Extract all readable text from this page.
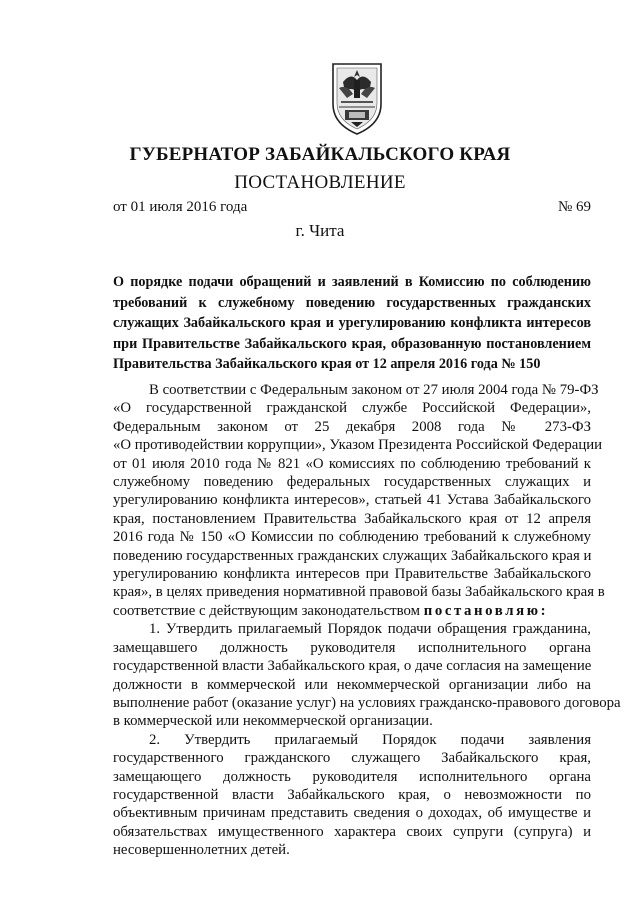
ГУБЕРНАТОР ЗАБАЙКАЛЬСКОГО КРАЯ
ПОСТАНОВЛЕНИЕ
от 01 июля 2016 года	№ 69
г. Чита
О порядке подачи обращений и заявлений в Комиссию по соблюдению
требований к служебному поведению государственных гражданских
служащих Забайкальского края и урегулированию конфликта интересов
при Правительстве Забайкальского края, образованную постановлением
Правительства Забайкальского края от 12 апреля 2016 года № 150

В соответствии с Федеральным законом от 27 июля 2004 года № 79-ФЗ
«О государственной гражданской службе Российской Федерации»,
Федеральным законом от 25 декабря 2008 года № 273-ФЗ
«О противодействии коррупции», Указом Президента Российской Федерации
от 01 июля 2010 года № 821 «О комиссиях по соблюдению требований к
служебному поведению федеральных государственных служащих и
урегулированию конфликта интересов», статьей 41 Устава Забайкальского
края, постановлением Правительства Забайкальского края от 12 апреля
2016 года № 150 «О Комиссии по соблюдению требований к служебному
поведению государственных гражданских служащих Забайкальского края и
урегулированию конфликта интересов при Правительстве Забайкальского
края», в целях приведения нормативной правовой базы Забайкальского края в
соответствие с действующим законодательством постановляю:

1. Утвердить прилагаемый Порядок подачи обращения гражданина,
замещавшего должность руководителя исполнительного органа
государственной власти Забайкальского края, о даче согласия на замещение
должности в коммерческой или некоммерческой организации либо на
выполнение работ (оказание услуг) на условиях гражданско-правового договора
в коммерческой или некоммерческой организации.

2. Утвердить прилагаемый Порядок подачи заявления
государственного гражданского служащего Забайкальского края,
замещающего должность руководителя исполнительного органа
государственной власти Забайкальского края, о невозможности по
объективным причинам представить сведения о доходах, об имуществе и
обязательствах имущественного характера своих супруги (супруга) и
несовершеннолетних детей.
